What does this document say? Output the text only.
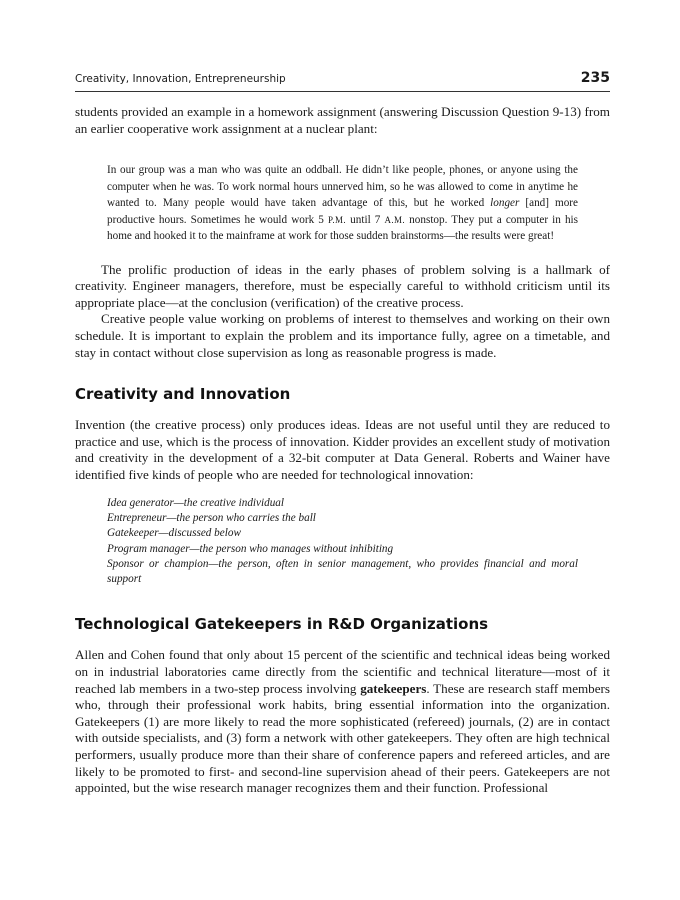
Creativity, Innovation, Entrepreneurship	235

students provided an example in a homework assignment (answering Discussion Question 9-13) from an earlier cooperative work assignment at a nuclear plant:

In our group was a man who was quite an oddball. He didn’t like people, phones, or anyone using the computer when he was. To work normal hours unnerved him, so he was allowed to come in anytime he wanted to. Many people would have taken advantage of this, but he worked longer [and] more productive hours. Sometimes he would work 5 P.M. until 7 A.M. nonstop. They put a computer in his home and hooked it to the mainframe at work for those sudden brainstorms—the results were great!

The prolific production of ideas in the early phases of problem solving is a hallmark of creativity. Engineer managers, therefore, must be especially careful to withhold criticism until its appropriate place—at the conclusion (verification) of the creative process.

Creative people value working on problems of interest to themselves and working on their own schedule. It is important to explain the problem and its importance fully, agree on a timetable, and stay in contact without close supervision as long as reasonable progress is made.

Creativity and Innovation

Invention (the creative process) only produces ideas. Ideas are not useful until they are reduced to practice and use, which is the process of innovation. Kidder provides an excellent study of motivation and creativity in the development of a 32-bit computer at Data General. Roberts and Wainer have identified five kinds of people who are needed for technological innovation:

Idea generator—the creative individual
Entrepreneur—the person who carries the ball
Gatekeeper—discussed below
Program manager—the person who manages without inhibiting
Sponsor or champion—the person, often in senior management, who provides financial and moral support
Technological Gatekeepers in R&D Organizations

Allen and Cohen found that only about 15 percent of the scientific and technical ideas being worked on in industrial laboratories came directly from the scientific and technical literature—most of it reached lab members in a two-step process involving gatekeepers. These are research staff members who, through their professional work habits, bring essential information into the organization. Gatekeepers (1) are more likely to read the more sophisticated (refereed) journals, (2) are in contact with outside specialists, and (3) form a network with other gatekeepers. They often are high technical performers, usually produce more than their share of conference papers and refereed articles, and are likely to be promoted to first- and second-line supervision ahead of their peers. Gatekeepers are not appointed, but the wise research manager recognizes them and their function. Professional
